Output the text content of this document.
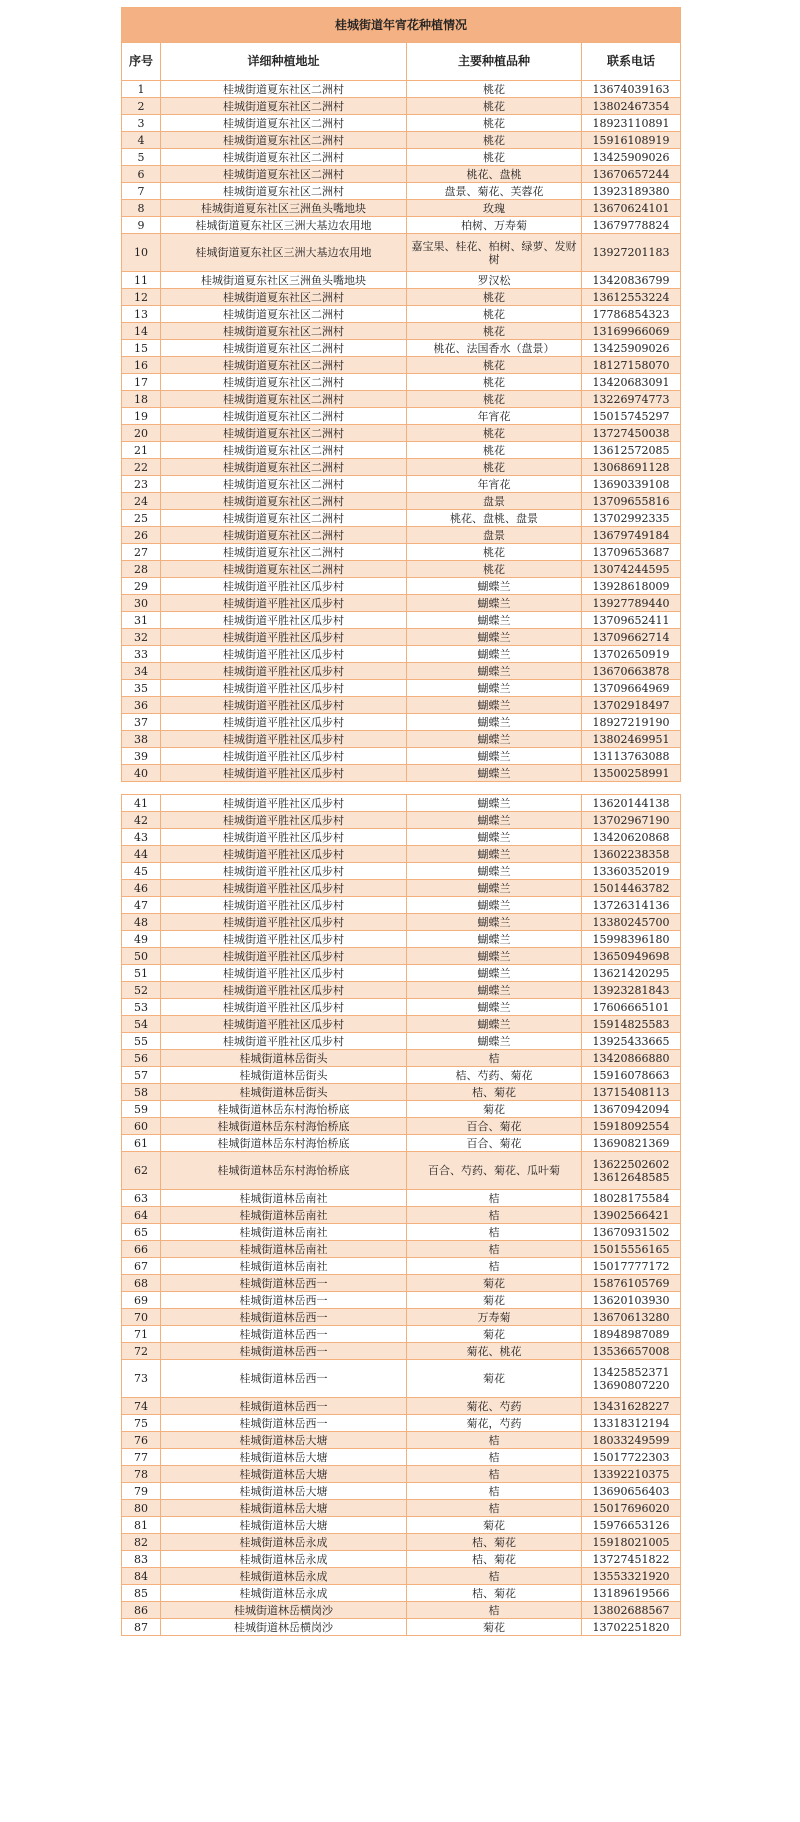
桂城街道年宵花种植情况			
序号	详细种植地址	主要种植品种	联系电话
1	桂城街道夏东社区二洲村	桃花	13674039163
2	桂城街道夏东社区二洲村	桃花	13802467354
3	桂城街道夏东社区二洲村	桃花	18923110891
4	桂城街道夏东社区二洲村	桃花	15916108919
5	桂城街道夏东社区二洲村	桃花	13425909026
6	桂城街道夏东社区二洲村	桃花、盘桃	13670657244
7	桂城街道夏东社区二洲村	盘景、菊花、芙蓉花	13923189380
8	桂城街道夏东社区三洲鱼头嘴地块	玫瑰	13670624101
9	桂城街道夏东社区三洲大基边农用地	柏树、万寿菊	13679778824
10	桂城街道夏东社区三洲大基边农用地	嘉宝果、桂花、柏树、绿萝、发财树	13927201183
11	桂城街道夏东社区三洲鱼头嘴地块	罗汉松	13420836799
12	桂城街道夏东社区二洲村	桃花	13612553224
13	桂城街道夏东社区二洲村	桃花	17786854323
14	桂城街道夏东社区二洲村	桃花	13169966069
15	桂城街道夏东社区二洲村	桃花、法国香水（盘景）	13425909026
16	桂城街道夏东社区二洲村	桃花	18127158070
17	桂城街道夏东社区二洲村	桃花	13420683091
18	桂城街道夏东社区二洲村	桃花	13226974773
19	桂城街道夏东社区二洲村	年宵花	15015745297
20	桂城街道夏东社区二洲村	桃花	13727450038
21	桂城街道夏东社区二洲村	桃花	13612572085
22	桂城街道夏东社区二洲村	桃花	13068691128
23	桂城街道夏东社区二洲村	年宵花	13690339108
24	桂城街道夏东社区二洲村	盘景	13709655816
25	桂城街道夏东社区二洲村	桃花、盘桃、盘景	13702992335
26	桂城街道夏东社区二洲村	盘景	13679749184
27	桂城街道夏东社区二洲村	桃花	13709653687
28	桂城街道夏东社区二洲村	桃花	13074244595
29	桂城街道平胜社区瓜步村	蝴蝶兰	13928618009
30	桂城街道平胜社区瓜步村	蝴蝶兰	13927789440
31	桂城街道平胜社区瓜步村	蝴蝶兰	13709652411
32	桂城街道平胜社区瓜步村	蝴蝶兰	13709662714
33	桂城街道平胜社区瓜步村	蝴蝶兰	13702650919
34	桂城街道平胜社区瓜步村	蝴蝶兰	13670663878
35	桂城街道平胜社区瓜步村	蝴蝶兰	13709664969
36	桂城街道平胜社区瓜步村	蝴蝶兰	13702918497
37	桂城街道平胜社区瓜步村	蝴蝶兰	18927219190
38	桂城街道平胜社区瓜步村	蝴蝶兰	13802469951
39	桂城街道平胜社区瓜步村	蝴蝶兰	13113763088
40	桂城街道平胜社区瓜步村	蝴蝶兰	13500258991

41	桂城街道平胜社区瓜步村	蝴蝶兰	13620144138
42	桂城街道平胜社区瓜步村	蝴蝶兰	13702967190
43	桂城街道平胜社区瓜步村	蝴蝶兰	13420620868
44	桂城街道平胜社区瓜步村	蝴蝶兰	13602238358
45	桂城街道平胜社区瓜步村	蝴蝶兰	13360352019
46	桂城街道平胜社区瓜步村	蝴蝶兰	15014463782
47	桂城街道平胜社区瓜步村	蝴蝶兰	13726314136
48	桂城街道平胜社区瓜步村	蝴蝶兰	13380245700
49	桂城街道平胜社区瓜步村	蝴蝶兰	15998396180
50	桂城街道平胜社区瓜步村	蝴蝶兰	13650949698
51	桂城街道平胜社区瓜步村	蝴蝶兰	13621420295
52	桂城街道平胜社区瓜步村	蝴蝶兰	13923281843
53	桂城街道平胜社区瓜步村	蝴蝶兰	17606665101
54	桂城街道平胜社区瓜步村	蝴蝶兰	15914825583
55	桂城街道平胜社区瓜步村	蝴蝶兰	13925433665
56	桂城街道林岳街头	桔	13420866880
57	桂城街道林岳街头	桔、芍药、菊花	15916078663
58	桂城街道林岳街头	桔、菊花	13715408113
59	桂城街道林岳东村海怡桥底	菊花	13670942094
60	桂城街道林岳东村海怡桥底	百合、菊花	15918092554
61	桂城街道林岳东村海怡桥底	百合、菊花	13690821369
62	桂城街道林岳东村海怡桥底	百合、芍药、菊花、瓜叶菊	13622502602
13612648585

63	桂城街道林岳南社	桔	18028175584
64	桂城街道林岳南社	桔	13902566421
65	桂城街道林岳南社	桔	13670931502
66	桂城街道林岳南社	桔	15015556165
67	桂城街道林岳南社	桔	15017777172
68	桂城街道林岳西一	菊花	15876105769
69	桂城街道林岳西一	菊花	13620103930
70	桂城街道林岳西一	万寿菊	13670613280
71	桂城街道林岳西一	菊花	18948987089
72	桂城街道林岳西一	菊花、桃花	13536657008
73	桂城街道林岳西一	菊花	13425852371
13690807220

74	桂城街道林岳西一	菊花、芍药	13431628227
75	桂城街道林岳西一	菊花，芍药	13318312194
76	桂城街道林岳大塘	桔	18033249599
77	桂城街道林岳大塘	桔	15017722303
78	桂城街道林岳大塘	桔	13392210375
79	桂城街道林岳大塘	桔	13690656403
80	桂城街道林岳大塘	桔	15017696020
81	桂城街道林岳大塘	菊花	15976653126
82	桂城街道林岳永成	桔、菊花	15918021005
83	桂城街道林岳永成	桔、菊花	13727451822
84	桂城街道林岳永成	桔	13553321920
85	桂城街道林岳永成	桔、菊花	13189619566
86	桂城街道林岳横岗沙	桔	13802688567
87	桂城街道林岳横岗沙	菊花	13702251820
